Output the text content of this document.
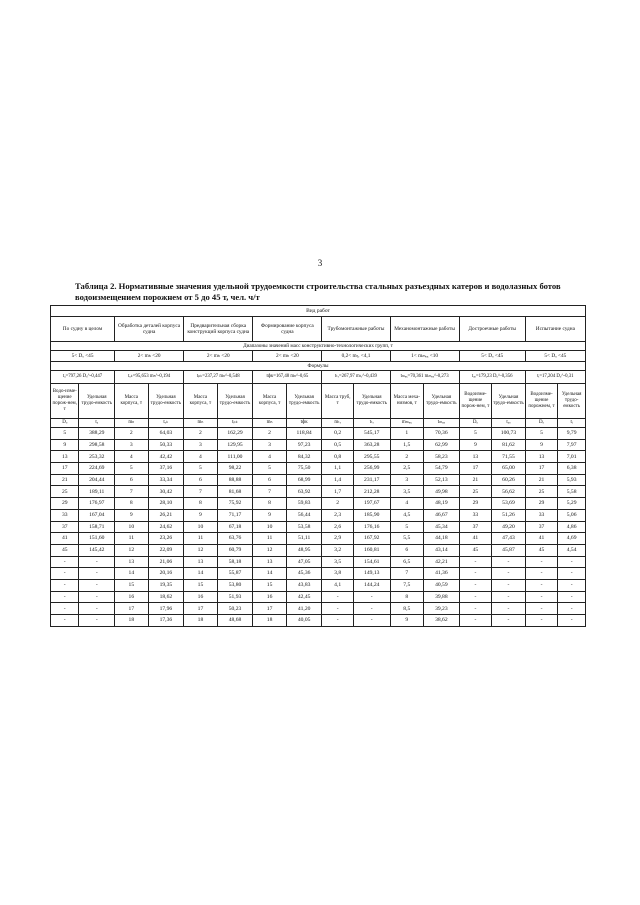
3
Таблица 2. Нормативные значения удельной трудоемкости строительства стальных разъездных катеров и водолазных ботов водоизмещением порожнем от 5 до 45 т, чел. ч/т
Вид работ															
По судну в целом		Обработка деталей корпуса судна		Предварительная сборка конструкций корпуса судна		Формирование корпуса судна		Трубомонтажные работы		Механомонтажные работы		Достроечные работы		Испытание судна	
Диапазоны значений масс конструктивно-технологических групп, т															
5< Dₒ <45		2< mₕ <20		2< mₕ <20		2< mₕ <20		0,2< mₜᵣ <4,1		1< mₘₑₓ <10		5< Dₒ <45		5< Dₒ <45	
Формулы															
tₐ=797,26 Dₒ^-0,447		tₒₖ=95,653 mₕ^-0,194		tₚₖ=237,27 mₕ^-0,548		tфк=167,48 mₕ^-0,65		tₜᵣ=267,97 mₜᵣ^-0,439		tₘₑₓ=70,361 mₘₑₓ^-0,273		tₐₒ=179,23 Dₒ^-0,356		tᵢ=17,204 Dₒ^-0,31	
Водо-изме-щение порож-нем, т	Удельная трудо-емкость	Масса корпуса, т	Удельная трудо-емкость	Масса корпуса, т	Удельная трудо-емкость	Масса корпуса, т	Удельная трудо-емкость	Масса труб, т	Удельная трудо-емкость	Масса меха-низмов, т	Удельная трудо-емкость	Водоизме-щение порож-нем, т	Удельная трудо-емкость	Водоизме-щение порожнем, т	Удельная трудо-емкость
Dₒ	tₐ	mₕ	tₒₖ	mₕ	tₚₖ	mₕ	tфк	mₜᵣ	tₜᵣ	mₘₑₓ	tₘₑₓ	Dₒ	tₐₒ	Dₒ	tᵢ
5	388,29	2	64,03	2	162,29	2	118,84	0,2	545,17	1	70,36	5	100,73	5	9,79
9	298,58	3	50,33	3	129,95	3	97,23	0,5	363,28	1,5	62,99	9	81,62	9	7,97
13	253,32	4	42,42	4	111,00	4	84,32	0,8	295,55	2	58,23	13	71,55	13	7,01
17	224,69	5	37,16	5	98,22	5	75,50	1,1	256,99	2,5	54,79	17	65,00	17	6,38
21	204,44	6	33,34	6	88,88	6	68,99	1,4	231,17	3	52,13	21	60,26	21	5,93
25	189,11	7	30,42	7	81,68	7	63,92	1,7	212,28	3,5	49,98	25	56,62	25	5,58
29	176,97	8	28,10	8	75,92	8	59,83	2	197,67	4	48,19	29	53,69	29	5,29
33	167,04	9	26,21	9	71,17	9	56,44	2,3	185,90	4,5	46,67	33	51,26	33	5,06
37	158,71	10	24,62	10	67,18	10	53,58	2,6	176,16	5	45,34	37	49,20	37	4,86
41	151,60	11	23,26	11	63,76	11	51,11	2,9	167,92	5,5	44,18	41	47,43	41	4,69
45	145,42	12	22,09	12	60,79	12	48,95	3,2	160,81	6	43,14	45	45,87	45	4,54
-	-	13	21,06	13	58,18	13	47,05	3,5	154,61	6,5	42,21	-	-	-	-
-	-	14	20,16	14	55,87	14	45,36	3,8	149,13	7	41,36	-	-	-	-
-	-	15	19,35	15	53,80	15	43,83	4,1	144,24	7,5	40,59	-	-	-	-
-	-	16	18,62	16	51,93	16	42,45	-	-	8	39,88	-	-	-	-
-	-	17	17,96	17	50,23	17	41,20	-	-	8,5	39,23	-	-	-	-
-	-	18	17,36	18	48,68	18	40,05	-	-	9	38,62	-	-	-	-
